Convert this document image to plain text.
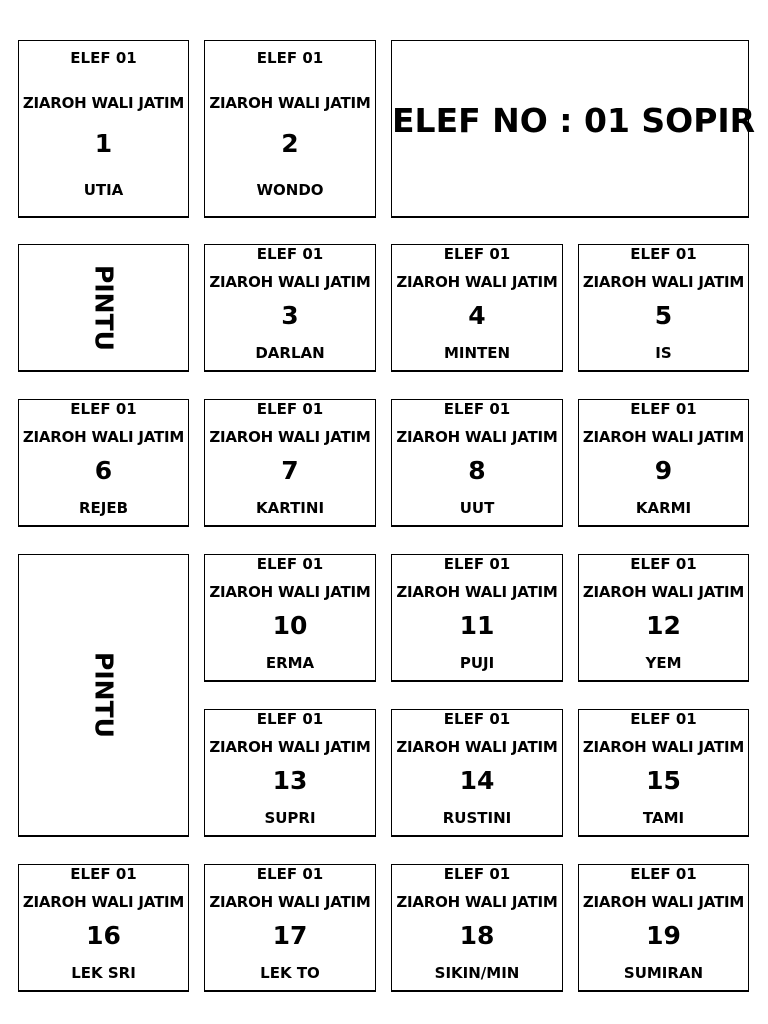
ELEF 01
ZIAROH WALI JATIM
1
UTIA
ELEF 01
ZIAROH WALI JATIM
2
WONDO
ELEF NO : 01 SOPIR
PINTU
ELEF 01
ZIAROH WALI JATIM
3
DARLAN
ELEF 01
ZIAROH WALI JATIM
4
MINTEN
ELEF 01
ZIAROH WALI JATIM
5
IS
ELEF 01
ZIAROH WALI JATIM
6
REJEB
ELEF 01
ZIAROH WALI JATIM
7
KARTINI
ELEF 01
ZIAROH WALI JATIM
8
UUT
ELEF 01
ZIAROH WALI JATIM
9
KARMI
PINTU
ELEF 01
ZIAROH WALI JATIM
10
ERMA
ELEF 01
ZIAROH WALI JATIM
11
PUJI
ELEF 01
ZIAROH WALI JATIM
12
YEM
ELEF 01
ZIAROH WALI JATIM
13
SUPRI
ELEF 01
ZIAROH WALI JATIM
14
RUSTINI
ELEF 01
ZIAROH WALI JATIM
15
TAMI
ELEF 01
ZIAROH WALI JATIM
16
LEK SRI
ELEF 01
ZIAROH WALI JATIM
17
LEK TO
ELEF 01
ZIAROH WALI JATIM
18
SIKIN/MIN
ELEF 01
ZIAROH WALI JATIM
19
SUMIRAN
